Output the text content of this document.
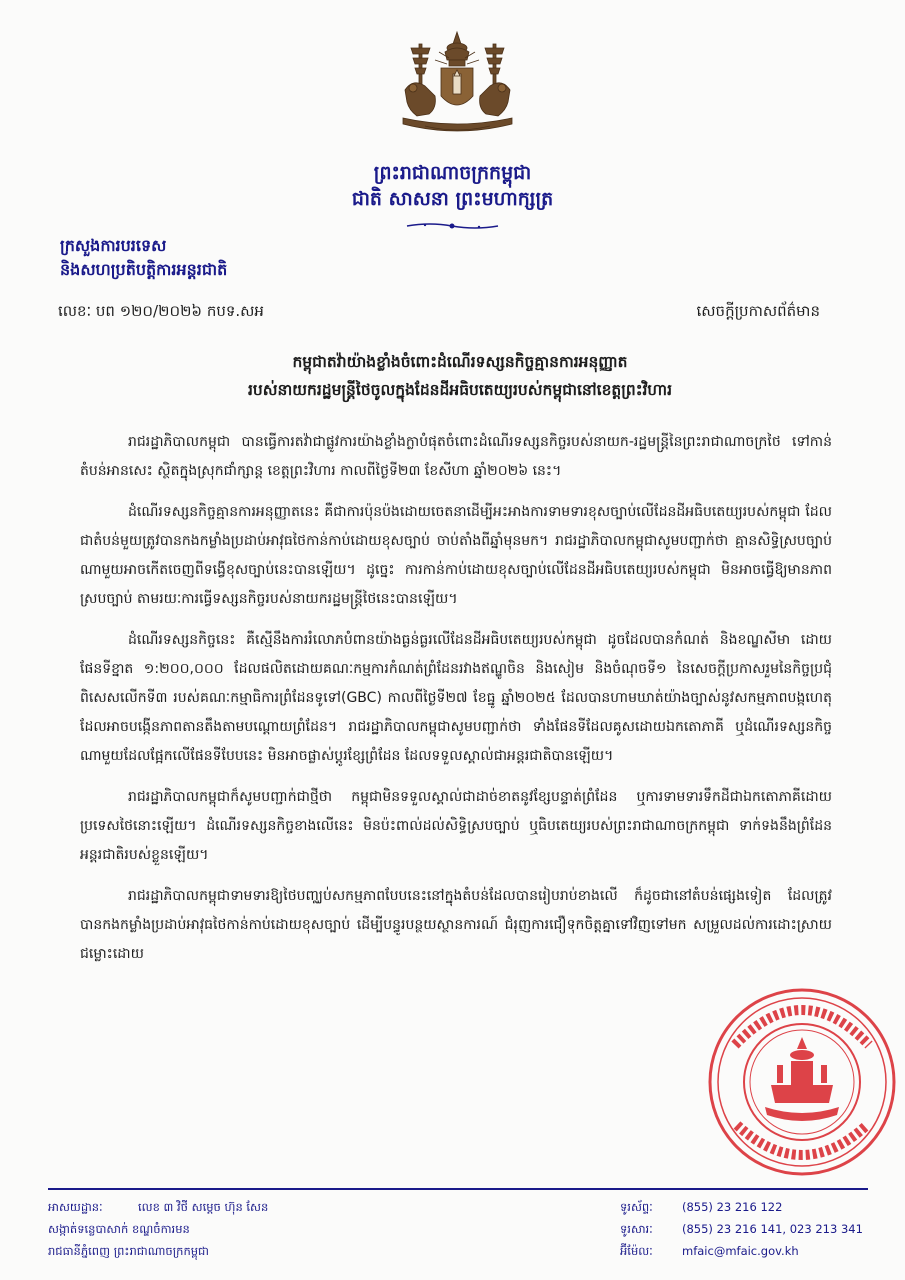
ព្រះរាជាណាចក្រកម្ពុជា
ជាតិ សាសនា ព្រះមហាក្សត្រ
ក្រសួងការបរទេស
និងសហប្រតិបត្តិការអន្តរជាតិ
លេខៈ បព ១២០/២០២៦ កបទ.សអ	សេចក្តីប្រកាសព័ត៌មាន
កម្ពុជាតវ៉ាយ៉ាងខ្លាំងចំពោះដំណើរទស្សនកិច្ចគ្មានការអនុញ្ញាត
របស់នាយករដ្ឋមន្ត្រីថៃចូលក្នុងដែនដីអធិបតេយ្យរបស់កម្ពុជានៅខេត្តព្រះវិហារ

រាជរដ្ឋាភិបាលកម្ពុជា បានធ្វើការតវ៉ាជាផ្លូវការយ៉ាងខ្លាំងក្លាបំផុតចំពោះដំណើរទស្សនកិច្ចរបស់នាយក-រដ្ឋមន្ត្រីនៃព្រះរាជាណាចក្រថៃ ទៅកាន់តំបន់អានសេះ ស្ថិតក្នុងស្រុកជាំក្សាន្ត ខេត្តព្រះវិហារ កាលពីថ្ងៃទី២៣ ខែសីហា ឆ្នាំ២០២៦ នេះ។

ដំណើរទស្សនកិច្ចគ្មានការអនុញ្ញាតនេះ គឺជាការប៉ុនប៉ងដោយចេតនាដើម្បីអះអាងការទាមទារខុសច្បាប់លើដែនដីអធិបតេយ្យរបស់កម្ពុជា ដែលជាតំបន់មួយត្រូវបានកងកម្លាំងប្រដាប់អាវុធថៃកាន់កាប់ដោយខុសច្បាប់ ចាប់តាំងពីឆ្នាំមុនមក។ រាជរដ្ឋាភិបាលកម្ពុជាសូមបញ្ជាក់ថា គ្មានសិទ្ធិស្របច្បាប់ណាមួយអាចកើតចេញពីទង្វើខុសច្បាប់នេះបានឡើយ។ ដូច្នេះ ការកាន់កាប់ដោយខុសច្បាប់លើដែនដីអធិបតេយ្យរបស់កម្ពុជា មិនអាចធ្វើឱ្យមានភាពស្របច្បាប់ តាមរយៈការធ្វើទស្សនកិច្ចរបស់នាយករដ្ឋមន្ត្រីថៃនេះបានឡើយ។

ដំណើរទស្សនកិច្ចនេះ គឺស្មើនឹងការរំលោភបំពានយ៉ាងធ្ងន់ធ្ងរលើដែនដីអធិបតេយ្យរបស់កម្ពុជា ដូចដែលបានកំណត់ និងខណ្ឌសីមា ដោយផែនទីខ្នាត ១:២០០,០០០ ដែលផលិតដោយគណៈកម្មការកំណត់ព្រំដែនរវាងឥណ្ឌូចិន និងសៀម និងចំណុចទី១ នៃសេចក្តីប្រកាសរួមនៃកិច្ចប្រជុំពិសេសលើកទី៣ របស់គណៈកម្មាធិការព្រំដែនទូទៅ(GBC) កាលពីថ្ងៃទី២៧ ខែធ្នូ ឆ្នាំ២០២៥ ដែលបានហាមឃាត់យ៉ាងច្បាស់នូវសកម្មភាពបង្កហេតុ ដែលអាចបង្កើនភាពតានតឹងតាមបណ្តោយព្រំដែន។ រាជរដ្ឋាភិបាលកម្ពុជាសូមបញ្ជាក់ថា ទាំងផែនទីដែលគូសដោយឯកតោភាគី ឬដំណើរទស្សនកិច្ចណាមួយដែលផ្អែកលើផែនទីបែបនេះ មិនអាចផ្លាស់ប្តូរខ្សែព្រំដែន ដែលទទួលស្គាល់ជាអន្តរជាតិបានឡើយ។

រាជរដ្ឋាភិបាលកម្ពុជាក៏សូមបញ្ជាក់ជាថ្មីថា កម្ពុជាមិនទទួលស្គាល់ជាដាច់ខាតនូវខ្សែបន្ទាត់ព្រំដែន ឬការទាមទារទឹកដីជាឯកតោភាគីដោយប្រទេសថៃនោះឡើយ។ ដំណើរទស្សនកិច្ចខាងលើនេះ មិនប៉ះពាល់ដល់សិទ្ធិស្របច្បាប់ ឬធិបតេយ្យរបស់ព្រះរាជាណាចក្រកម្ពុជា ទាក់ទងនឹងព្រំដែនអន្តរជាតិរបស់ខ្លួនឡើយ។

រាជរដ្ឋាភិបាលកម្ពុជាទាមទារឱ្យថៃបញ្ឈប់សកម្មភាពបែបនេះនៅក្នុងតំបន់ដែលបានរៀបរាប់ខាងលើ ក៏ដូចជានៅតំបន់ផ្សេងទៀត ដែលត្រូវបានកងកម្លាំងប្រដាប់អាវុធថៃកាន់កាប់ដោយខុសច្បាប់ ដើម្បីបន្ធូរបន្ថយស្ថានការណ៍ ជំរុញការជឿទុកចិត្តគ្នាទៅវិញទៅមក សម្រួលដល់ការដោះស្រាយជម្លោះដោយ

អាសយដ្ឋានៈ	លេខ ៣ វិថី សម្តេច ហ៊ុន សែន
សង្កាត់ទន្លេបាសាក់ ខណ្ឌចំការមន
រាជធានីភ្នំពេញ ព្រះរាជាណាចក្រកម្ពុជា
ទូរស័ព្ទៈ	(855) 23 216 122
ទូរសារៈ	(855) 23 216 141, 023 213 341
អ៊ីម៉ែលៈ	mfaic@mfaic.gov.kh
